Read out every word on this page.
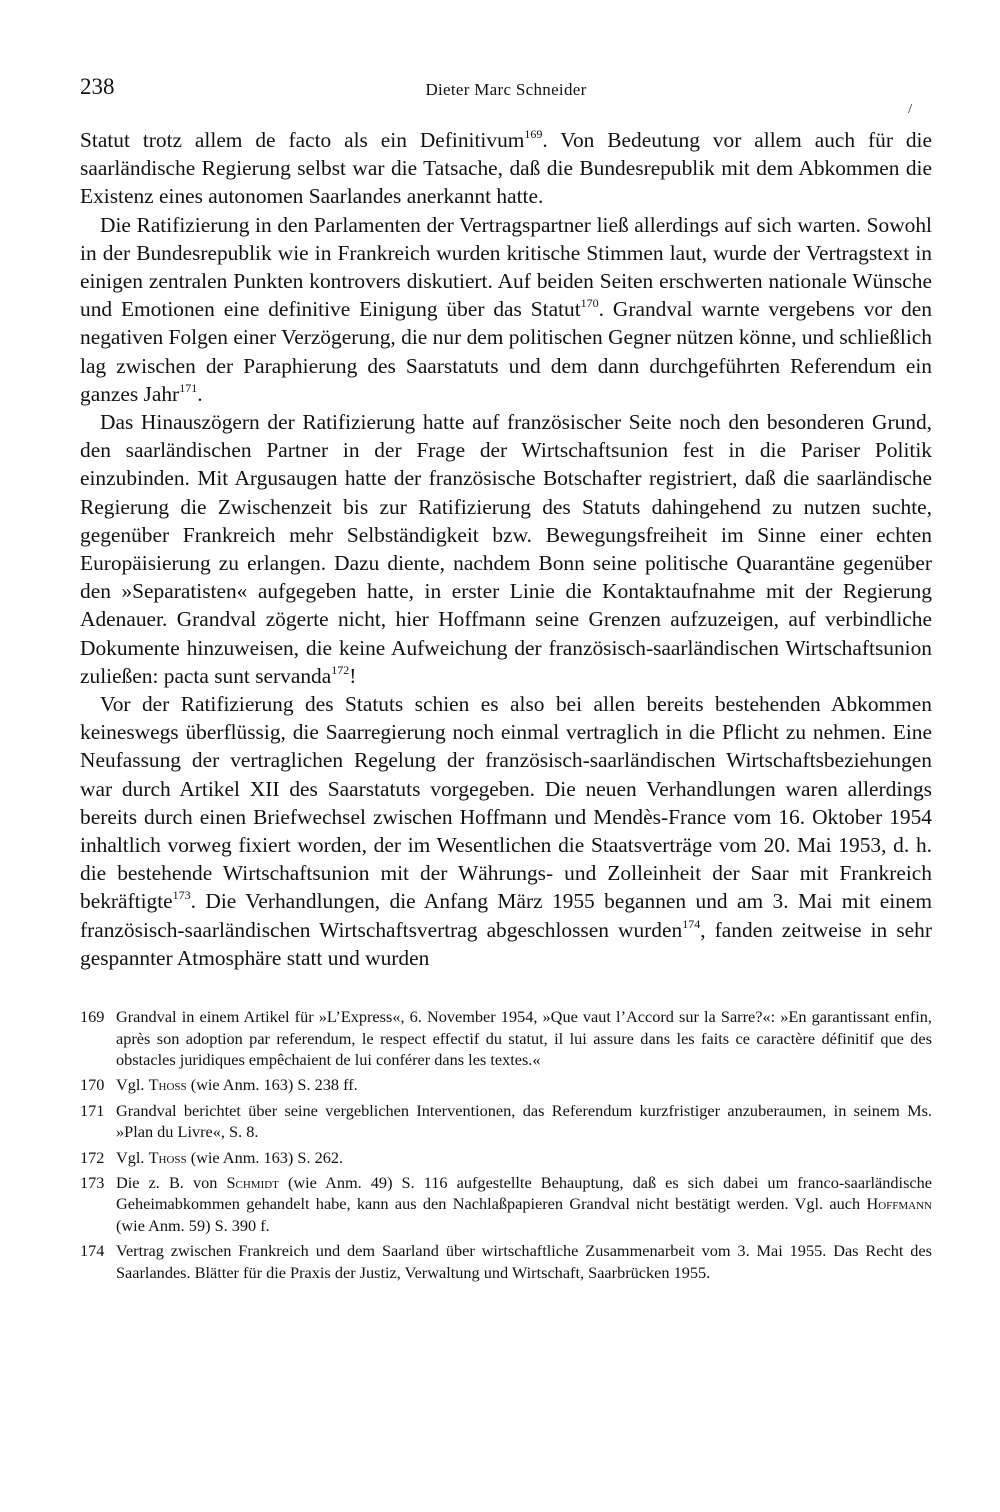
238	Dieter Marc Schneider
/

Statut trotz allem de facto als ein Definitivum$^{169}$. Von Bedeutung vor allem auch für die saarländische Regierung selbst war die Tatsache, daß die Bundesrepublik mit dem Abkommen die Existenz eines autonomen Saarlandes anerkannt hatte.

Die Ratifizierung in den Parlamenten der Vertragspartner ließ allerdings auf sich warten. Sowohl in der Bundesrepublik wie in Frankreich wurden kritische Stimmen laut, wurde der Vertragstext in einigen zentralen Punkten kontrovers diskutiert. Auf beiden Seiten erschwerten nationale Wünsche und Emotionen eine definitive Einigung über das Statut$^{170}$. Grandval warnte vergebens vor den negativen Folgen einer Verzögerung, die nur dem politischen Gegner nützen könne, und schließlich lag zwischen der Paraphierung des Saarstatuts und dem dann durchgeführten Referendum ein ganzes Jahr$^{171}$.

Das Hinauszögern der Ratifizierung hatte auf französischer Seite noch den besonderen Grund, den saarländischen Partner in der Frage der Wirtschaftsunion fest in die Pariser Politik einzubinden. Mit Argusaugen hatte der französische Botschafter registriert, daß die saarländische Regierung die Zwischenzeit bis zur Ratifizierung des Statuts dahingehend zu nutzen suchte, gegenüber Frankreich mehr Selbständigkeit bzw. Bewegungsfreiheit im Sinne einer echten Europäisierung zu erlangen. Dazu diente, nachdem Bonn seine politische Quarantäne gegenüber den »Separatisten« aufgegeben hatte, in erster Linie die Kontaktaufnahme mit der Regierung Adenauer. Grandval zögerte nicht, hier Hoffmann seine Grenzen aufzuzeigen, auf verbindliche Dokumente hinzuweisen, die keine Aufweichung der französisch-saarländischen Wirtschaftsunion zuließen: pacta sunt servanda$^{172}$!

Vor der Ratifizierung des Statuts schien es also bei allen bereits bestehenden Abkommen keineswegs überflüssig, die Saarregierung noch einmal vertraglich in die Pflicht zu nehmen. Eine Neufassung der vertraglichen Regelung der französisch-saarländischen Wirtschaftsbeziehungen war durch Artikel XII des Saarstatuts vorgegeben. Die neuen Verhandlungen waren allerdings bereits durch einen Briefwechsel zwischen Hoffmann und Mendès-France vom 16. Oktober 1954 inhaltlich vorweg fixiert worden, der im Wesentlichen die Staatsverträge vom 20. Mai 1953, d. h. die bestehende Wirtschaftsunion mit der Währungs- und Zolleinheit der Saar mit Frankreich bekräftigte$^{173}$. Die Verhandlungen, die Anfang März 1955 begannen und am 3. Mai mit einem französisch-saarländischen Wirtschaftsvertrag abgeschlossen wurden$^{174}$, fanden zeitweise in sehr gespannter Atmosphäre statt und wurden

169 Grandval in einem Artikel für »L’Express«, 6. November 1954, »Que vaut l’Accord sur la Sarre?«: »En garantissant enfin, après son adoption par referendum, le respect effectif du statut, il lui assure dans les faits ce caractère définitif que des obstacles juridiques empêchaient de lui conférer dans les textes.«

170 Vgl. Thoss (wie Anm. 163) S. 238 ff.

171 Grandval berichtet über seine vergeblichen Interventionen, das Referendum kurzfristiger anzuberaumen, in seinem Ms. »Plan du Livre«, S. 8.

172 Vgl. Thoss (wie Anm. 163) S. 262.

173 Die z. B. von Schmidt (wie Anm. 49) S. 116 aufgestellte Behauptung, daß es sich dabei um franco-saarländische Geheimabkommen gehandelt habe, kann aus den Nachlaßpapieren Grandval nicht bestätigt werden. Vgl. auch Hoffmann (wie Anm. 59) S. 390 f.

174 Vertrag zwischen Frankreich und dem Saarland über wirtschaftliche Zusammenarbeit vom 3. Mai 1955. Das Recht des Saarlandes. Blätter für die Praxis der Justiz, Verwaltung und Wirtschaft, Saarbrücken 1955.
